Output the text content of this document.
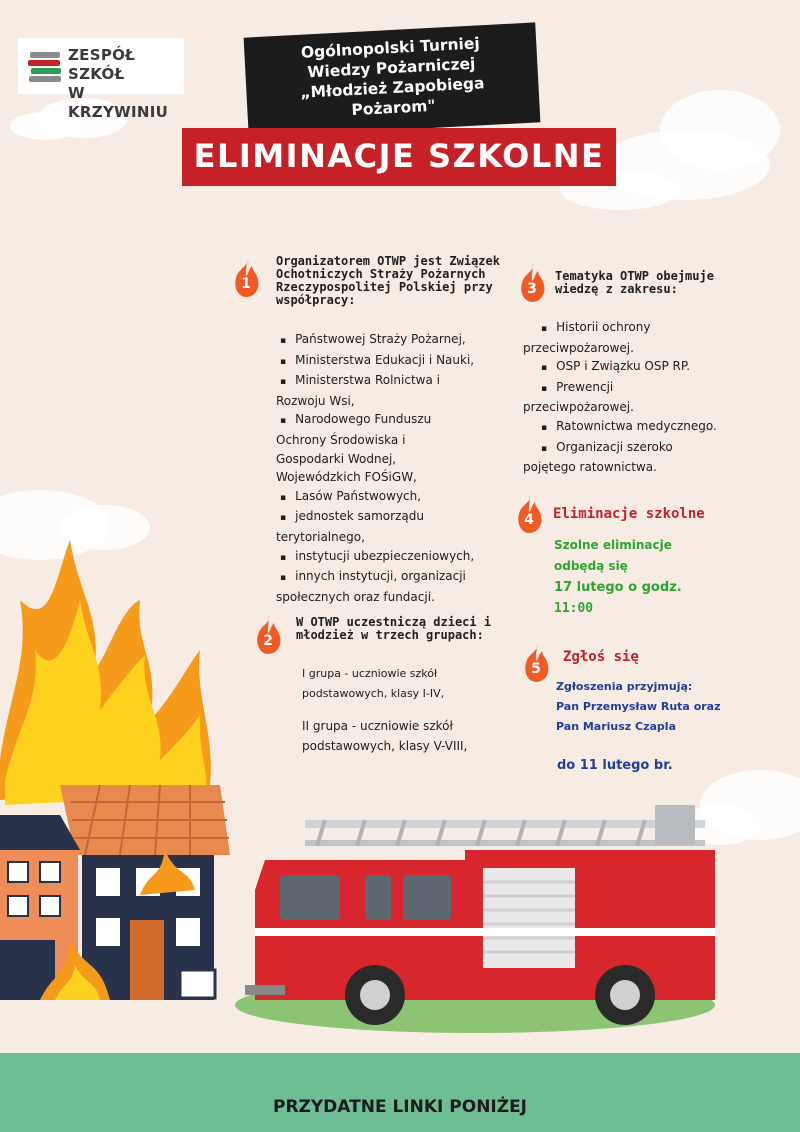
ZESPÓŁ SZKÓŁ
W KRZYWINIU
Ogólnopolski Turniej
Wiedzy Pożarniczej
„Młodzież Zapobiega
Pożarom"
ELIMINACJE SZKOLNE
1
Organizatorem OTWP jest Związek
Ochotniczych Straży Pożarnych
Rzeczypospolitej Polskiej przy
współpracy:
▪ Państwowej Straży Pożarnej,
▪ Ministerstwa Edukacji i Nauki,
▪ Ministerstwa Rolnictwa i
Rozwoju Wsi,
▪ Narodowego Funduszu
Ochrony Środowiska i
Gospodarki Wodnej,
Wojewódzkich FOŚiGW,
▪ Lasów Państwowych,
▪ jednostek samorządu
terytorialnego,
▪ instytucji ubezpieczeniowych,
▪ innych instytucji, organizacji
społecznych oraz fundacji.
2
W OTWP uczestniczą dzieci i
młodzież w trzech grupach:
I grupa - uczniowie szkół
podstawowych, klasy I-IV,
II grupa - uczniowie szkół
podstawowych, klasy V-VIII,
3
Tematyka OTWP obejmuje
wiedzę z zakresu:
▪ Historii ochrony
przeciwpożarowej.
▪ OSP i Związku OSP RP.
▪ Prewencji
przeciwpożarowej.
▪ Ratownictwa medycznego.
▪ Organizacji szeroko
pojętego ratownictwa.
4	Eliminacje szkolne
Szolne eliminacje
odbędą się
17 lutego o godz.
11:00
5
Zgłoś się
Zgłoszenia przyjmują:
Pan Przemysław Ruta oraz
Pan Mariusz Czapla
do 11 lutego br.
PRZYDATNE LINKI PONIŻEJ
